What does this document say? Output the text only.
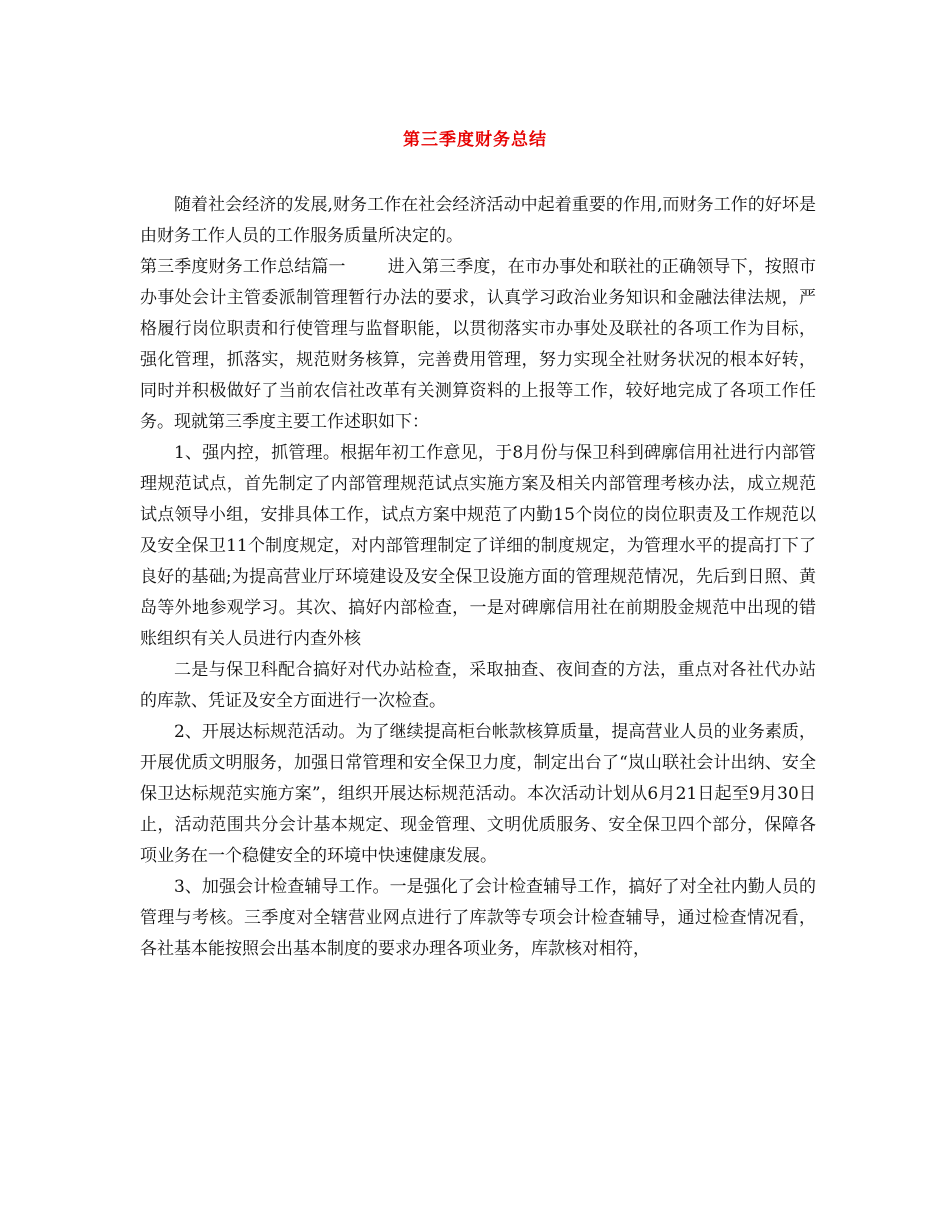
第三季度财务总结

随着社会经济的发展,财务工作在社会经济活动中起着重要的作用,而财务工作的好坏是由财务工作人员的工作服务质量所决定的。

第三季度财务工作总结篇一 进入第三季度，在市办事处和联社的正确领导下，按照市办事处会计主管委派制管理暂行办法的要求，认真学习政治业务知识和金融法律法规，严格履行岗位职责和行使管理与监督职能，以贯彻落实市办事处及联社的各项工作为目标，强化管理，抓落实，规范财务核算，完善费用管理，努力实现全社财务状况的根本好转，同时并积极做好了当前农信社改革有关测算资料的上报等工作，较好地完成了各项工作任务。现就第三季度主要工作述职如下：

1、强内控，抓管理。根据年初工作意见，于8月份与保卫科到碑廓信用社进行内部管理规范试点，首先制定了内部管理规范试点实施方案及相关内部管理考核办法，成立规范试点领导小组，安排具体工作，试点方案中规范了内勤15个岗位的岗位职责及工作规范以及安全保卫11个制度规定，对内部管理制定了详细的制度规定，为管理水平的提高打下了良好的基础;为提高营业厅环境建设及安全保卫设施方面的管理规范情况，先后到日照、黄岛等外地参观学习。其次、搞好内部检查，一是对碑廓信用社在前期股金规范中出现的错账组织有关人员进行内查外核

二是与保卫科配合搞好对代办站检查，采取抽查、夜间查的方法，重点对各社代办站的库款、凭证及安全方面进行一次检查。

2、开展达标规范活动。为了继续提高柜台帐款核算质量，提高营业人员的业务素质，开展优质文明服务，加强日常管理和安全保卫力度，制定出台了“岚山联社会计出纳、安全保卫达标规范实施方案”，组织开展达标规范活动。本次活动计划从6月21日起至9月30日止，活动范围共分会计基本规定、现金管理、文明优质服务、安全保卫四个部分，保障各项业务在一个稳健安全的环境中快速健康发展。

3、加强会计检查辅导工作。一是强化了会计检查辅导工作，搞好了对全社内勤人员的管理与考核。三季度对全辖营业网点进行了库款等专项会计检查辅导，通过检查情况看，各社基本能按照会出基本制度的要求办理各项业务，库款核对相符，
